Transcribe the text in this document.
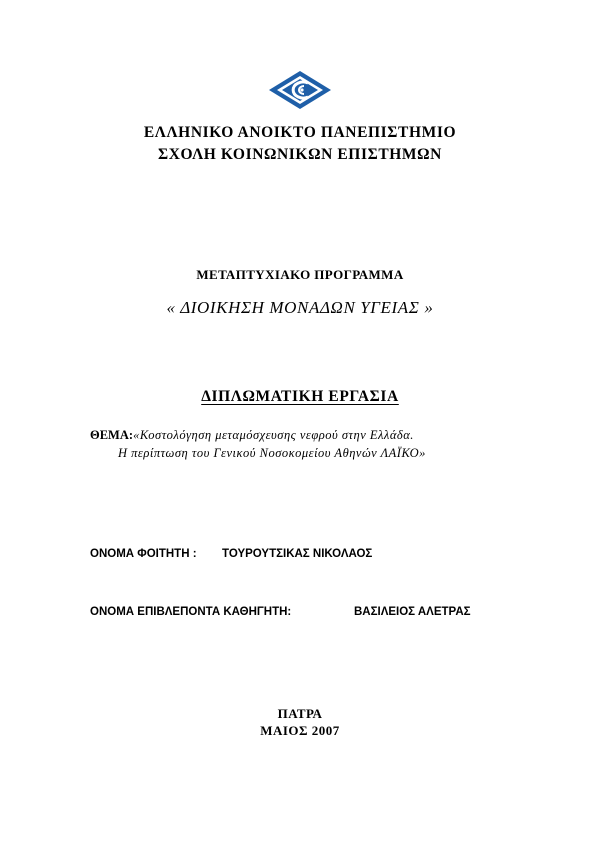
ΕΛΛΗΝΙΚΟ ΑΝΟΙΚΤΟ ΠΑΝΕΠΙΣΤΗΜΙΟ
ΣΧΟΛΗ ΚΟΙΝΩΝΙΚΩΝ ΕΠΙΣΤΗΜΩΝ
ΜΕΤΑΠΤΥΧΙΑΚΟ ΠΡΟΓΡΑΜΜΑ
« ΔΙΟΙΚΗΣΗ ΜΟΝΑΔΩΝ ΥΓΕΙΑΣ »
ΔΙΠΛΩΜΑΤΙΚΗ ΕΡΓΑΣΙΑ
ΘΕΜΑ:«Κοστολόγηση μεταμόσχευσης νεφρού στην Ελλάδα.
Η περίπτωση του Γενικού Νοσοκομείου Αθηνών ΛΑΪΚΟ»
ΟΝΟΜΑ ΦΟΙΤΗΤΗ : ΤΟΥΡΟΥΤΣΙΚΑΣ ΝΙΚΟΛΑΟΣ
ΟΝΟΜΑ ΕΠΙΒΛΕΠΟΝΤΑ ΚΑΘΗΓΗΤΗ:	ΒΑΣΙΛΕΙΟΣ ΑΛΕΤΡΑΣ
ΠΑΤΡΑ
ΜΑΙΟΣ 2007
